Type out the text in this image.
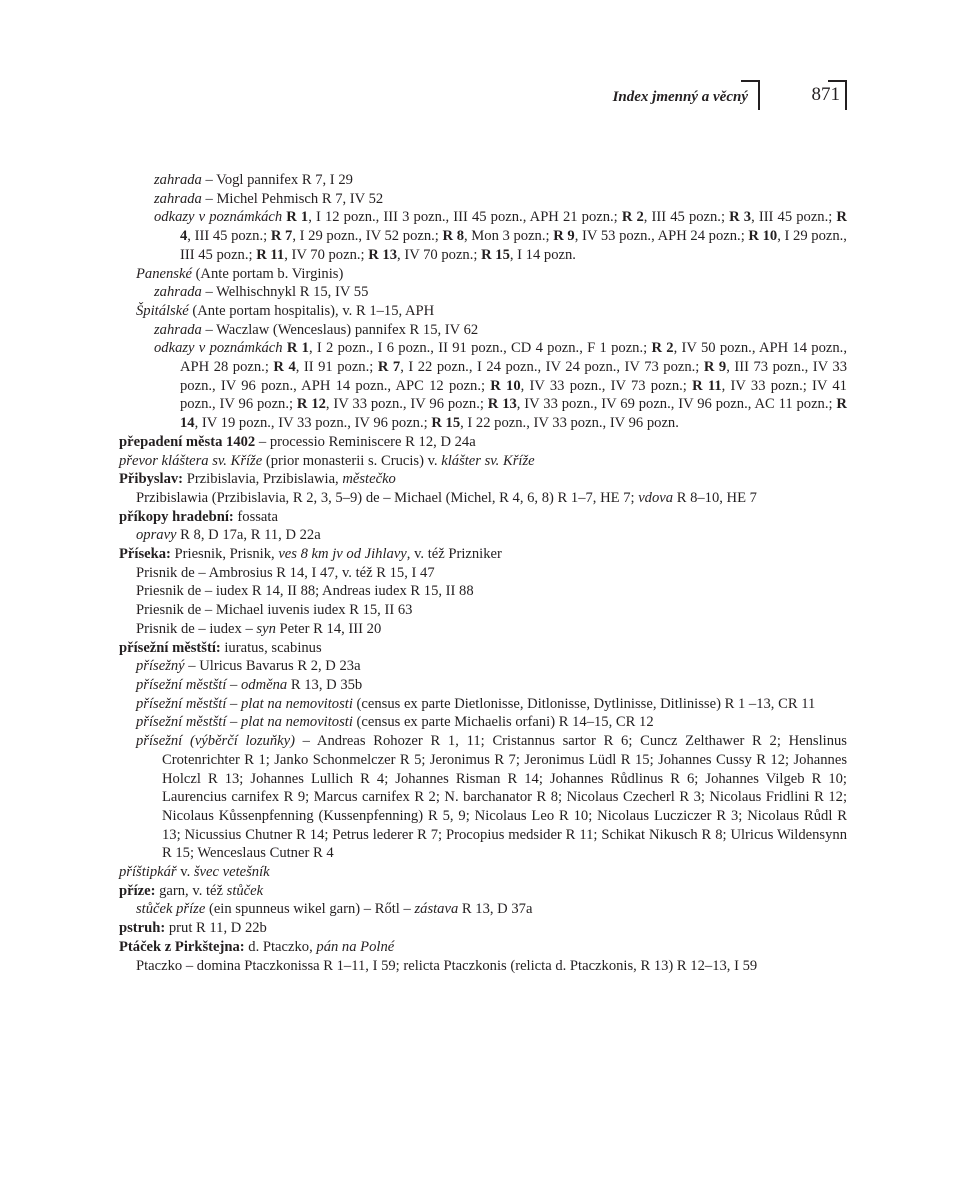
Index jmenný a věcný	871

zahrada – Vogl pannifex R 7, I 29

zahrada – Michel Pehmisch R 7, IV 52

odkazy v poznámkách R 1, I 12 pozn., III 3 pozn., III 45 pozn., APH 21 pozn.; R 2, III 45 pozn.; R 3, III 45 pozn.; R 4, III 45 pozn.; R 7, I 29 pozn., IV 52 pozn.; R 8, Mon 3 pozn.; R 9, IV 53 pozn., APH 24 pozn.; R 10, I 29 pozn., III 45 pozn.; R 11, IV 70 pozn.; R 13, IV 70 pozn.; R 15, I 14 pozn.

Panenské (Ante portam b. Virginis)

zahrada – Welhischnykl R 15, IV 55

Špitálské (Ante portam hospitalis), v. R 1–15, APH

zahrada – Waczlaw (Wenceslaus) pannifex R 15, IV 62

odkazy v poznámkách R 1, I 2 pozn., I 6 pozn., II 91 pozn., CD 4 pozn., F 1 pozn.; R 2, IV 50 pozn., APH 14 pozn., APH 28 pozn.; R 4, II 91 pozn.; R 7, I 22 pozn., I 24 pozn., IV 24 pozn., IV 73 pozn.; R 9, III 73 pozn., IV 33 pozn., IV 96 pozn., APH 14 pozn., APC 12 pozn.; R 10, IV 33 pozn., IV 73 pozn.; R 11, IV 33 pozn.; IV 41 pozn., IV 96 pozn.; R 12, IV 33 pozn., IV 96 pozn.; R 13, IV 33 pozn., IV 69 pozn., IV 96 pozn., AC 11 pozn.; R 14, IV 19 pozn., IV 33 pozn., IV 96 pozn.; R 15, I 22 pozn., IV 33 pozn., IV 96 pozn.

přepadení města 1402 – processio Reminiscere R 12, D 24a

převor kláštera sv. Kříže (prior monasterii s. Crucis) v. klášter sv. Kříže

Přibyslav: Przibislavia, Przibislawia, městečko

Przibislawia (Przibislavia, R 2, 3, 5–9) de – Michael (Michel, R 4, 6, 8) R 1–7, HE 7; vdova R 8–10, HE 7

příkopy hradební: fossata

opravy R 8, D 17a, R 11, D 22a

Příseka: Priesnik, Prisnik, ves 8 km jv od Jihlavy, v. též Prizniker

Prisnik de – Ambrosius R 14, I 47, v. též R 15, I 47

Priesnik de – iudex R 14, II 88; Andreas iudex R 15, II 88

Priesnik de – Michael iuvenis iudex R 15, II 63

Prisnik de – iudex – syn Peter R 14, III 20

přísežní městští: iuratus, scabinus

přísežný – Ulricus Bavarus R 2, D 23a

přísežní městští – odměna R 13, D 35b

přísežní městští – plat na nemovitosti (census ex parte Dietlonisse, Ditlonisse, Dytlinisse, Ditlinisse) R 1 –13, CR 11

přísežní městští – plat na nemovitosti (census ex parte Michaelis orfani) R 14–15, CR 12

přísežní (výběrčí lozuňky) – Andreas Rohozer R 1, 11; Cristannus sartor R 6; Cuncz Zelthawer R 2; Henslinus Crotenrichter R 1; Janko Schonmelczer R 5; Jeronimus R 7; Jeronimus Lüdl R 15; Johannes Cussy R 12; Johannes Holczl R 13; Johannes Lullich R 4; Johannes Risman R 14; Johannes Růdlinus R 6; Johannes Vilgeb R 10; Laurencius carnifex R 9; Marcus carnifex R 2; N. barchanator R 8; Nicolaus Czecherl R 3; Nicolaus Fridlini R 12; Nicolaus Kůssenpfenning (Kussenpfenning) R 5, 9; Nicolaus Leo R 10; Nicolaus Lucziczer R 3; Nicolaus Růdl R 13; Nicussius Chutner R 14; Petrus lederer R 7; Procopius medsider R 11; Schikat Nikusch R 8; Ulricus Wildensynn R 15; Wenceslaus Cutner R 4

příštipkář v. švec vetešník

příze: garn, v. též stůček

stůček příze (ein spunneus wikel garn) – Rőtl – zástava R 13, D 37a

pstruh: prut R 11, D 22b

Ptáček z Pirkštejna: d. Ptaczko, pán na Polné

Ptaczko – domina Ptaczkonissa R 1–11, I 59; relicta Ptaczkonis (relicta d. Ptaczkonis, R 13) R 12–13, I 59
